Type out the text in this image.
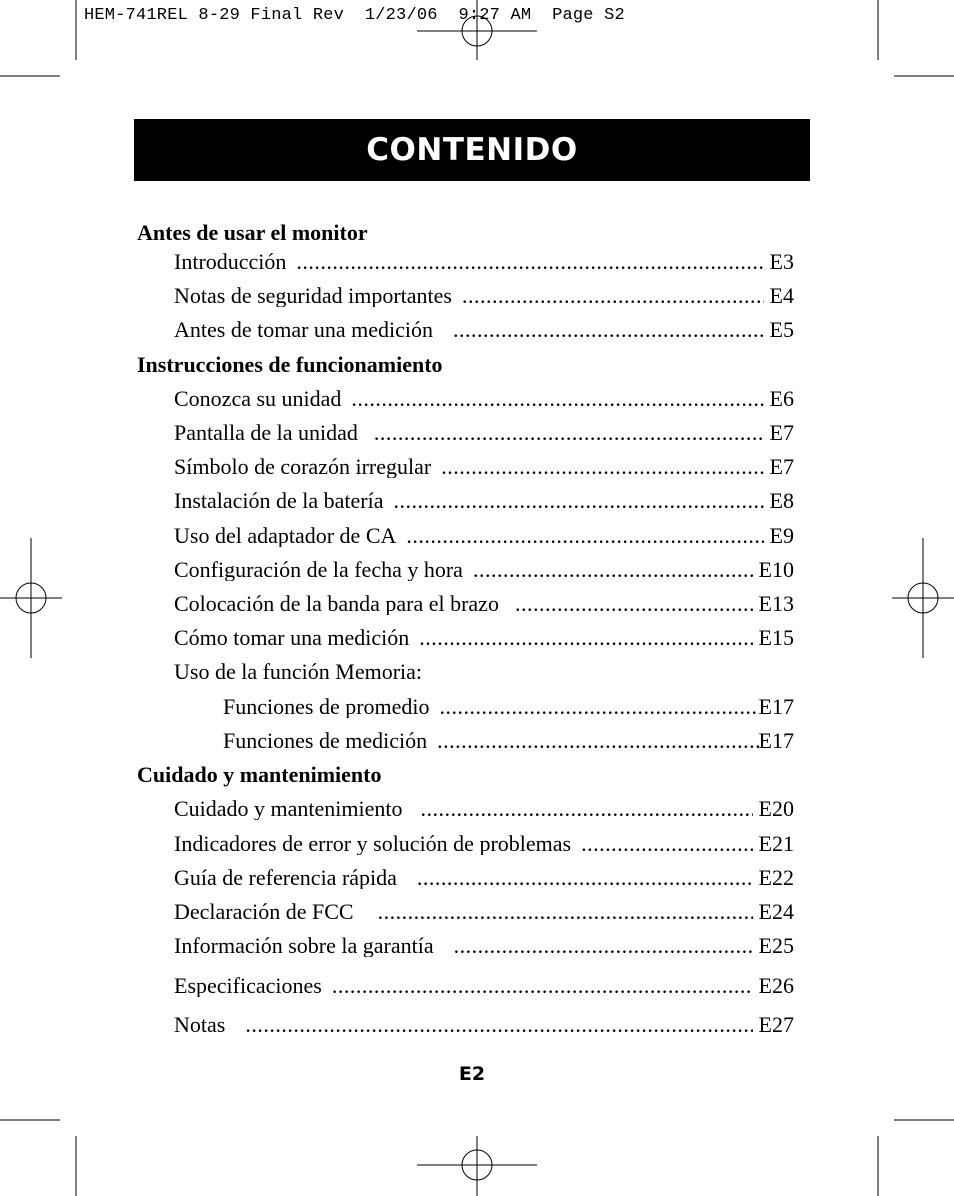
HEM-741REL 8-29 Final Rev  1/23/06  9:27 AM  Page S2
CONTENIDO
Antes de usar el monitor
Introducción .....	E3
Notas de seguridad importantes .....	E4
Antes de tomar una medición .....	E5
Instrucciones de funcionamiento
Conozca su unidad .....	E6
Pantalla de la unidad .....	E7
Símbolo de corazón irregular .....	E7
Instalación de la batería .....	E8
Uso del adaptador de CA .....	E9
Configuración de la fecha y hora .....	E10
Colocación de la banda para el brazo .....	E13
Cómo tomar una medición .....	E15
Uso de la función Memoria:
Funciones de promedio .....	E17
Funciones de medición .....	E17
Cuidado y mantenimiento
Cuidado y mantenimiento .....	E20
Indicadores de error y solución de problemas .....	E21
Guía de referencia rápida .....	E22
Declaración de FCC .....	E24
Información sobre la garantía .....	E25
Especificaciones .....	E26
Notas .....	E27
E2
